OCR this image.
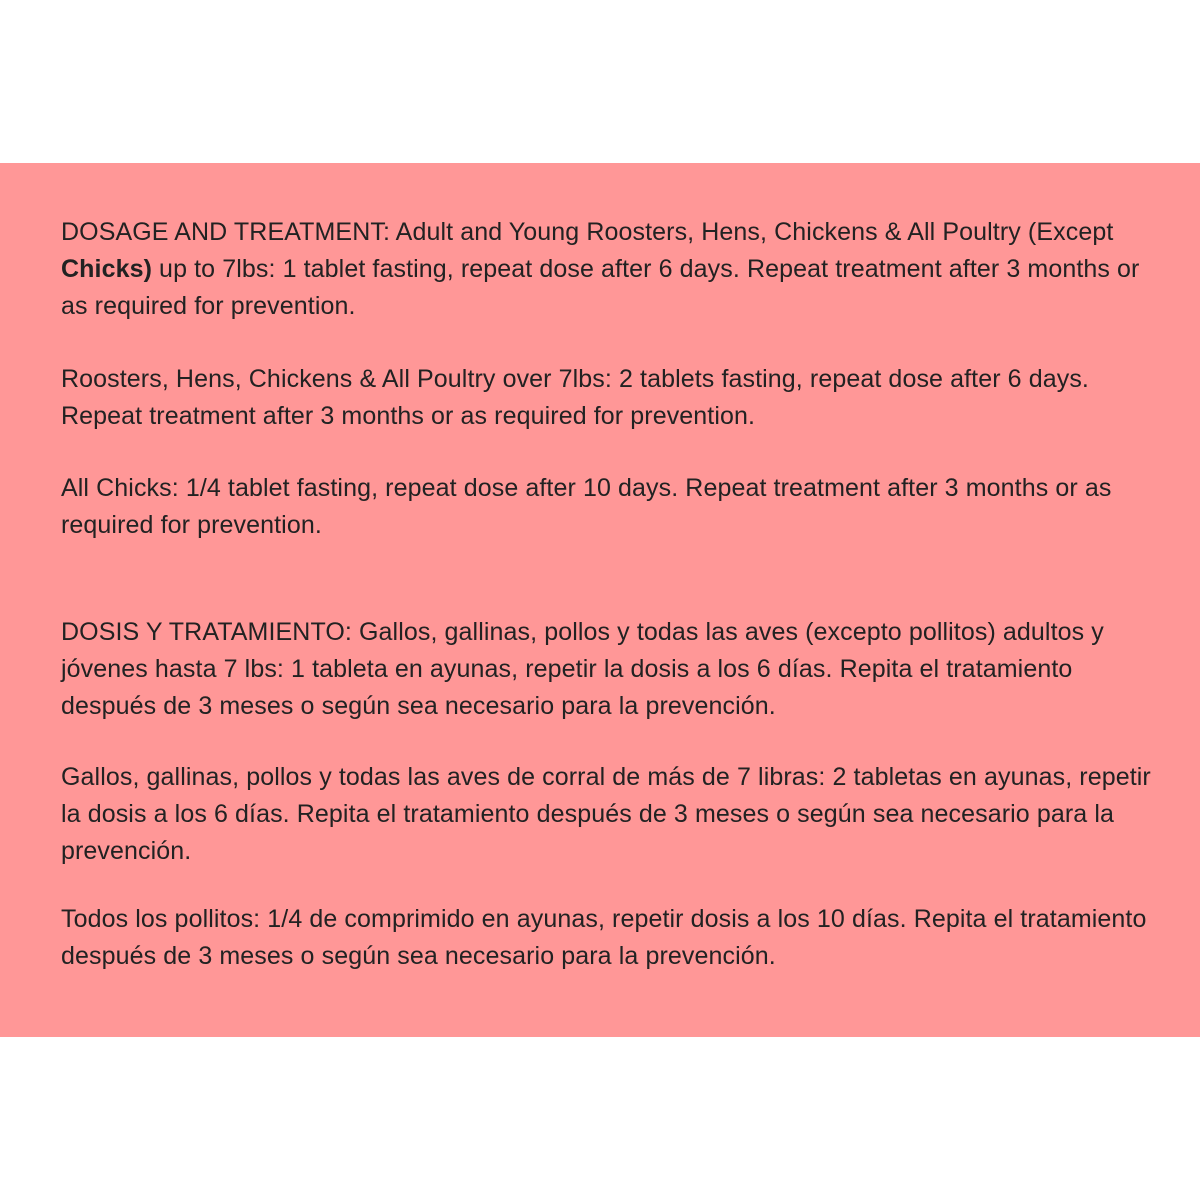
DOSAGE AND TREATMENT: Adult and Young Roosters, Hens, Chickens & All Poultry (Except Chicks) up to 7lbs: 1 tablet fasting, repeat dose after 6 days. Repeat treatment after 3 months or as required for prevention.

Roosters, Hens, Chickens & All Poultry over 7lbs: 2 tablets fasting, repeat dose after 6 days. Repeat treatment after 3 months or as required for prevention.

All Chicks: 1/4 tablet fasting, repeat dose after 10 days. Repeat treatment after 3 months or as required for prevention.

DOSIS Y TRATAMIENTO: Gallos, gallinas, pollos y todas las aves (excepto pollitos) adultos y jóvenes hasta 7 lbs: 1 tableta en ayunas, repetir la dosis a los 6 días. Repita el tratamiento después de 3 meses o según sea necesario para la prevención.

Gallos, gallinas, pollos y todas las aves de corral de más de 7 libras: 2 tabletas en ayunas, repetir la dosis a los 6 días. Repita el tratamiento después de 3 meses o según sea necesario para la prevención.

Todos los pollitos: 1/4 de comprimido en ayunas, repetir dosis a los 10 días. Repita el tratamiento después de 3 meses o según sea necesario para la prevención.
